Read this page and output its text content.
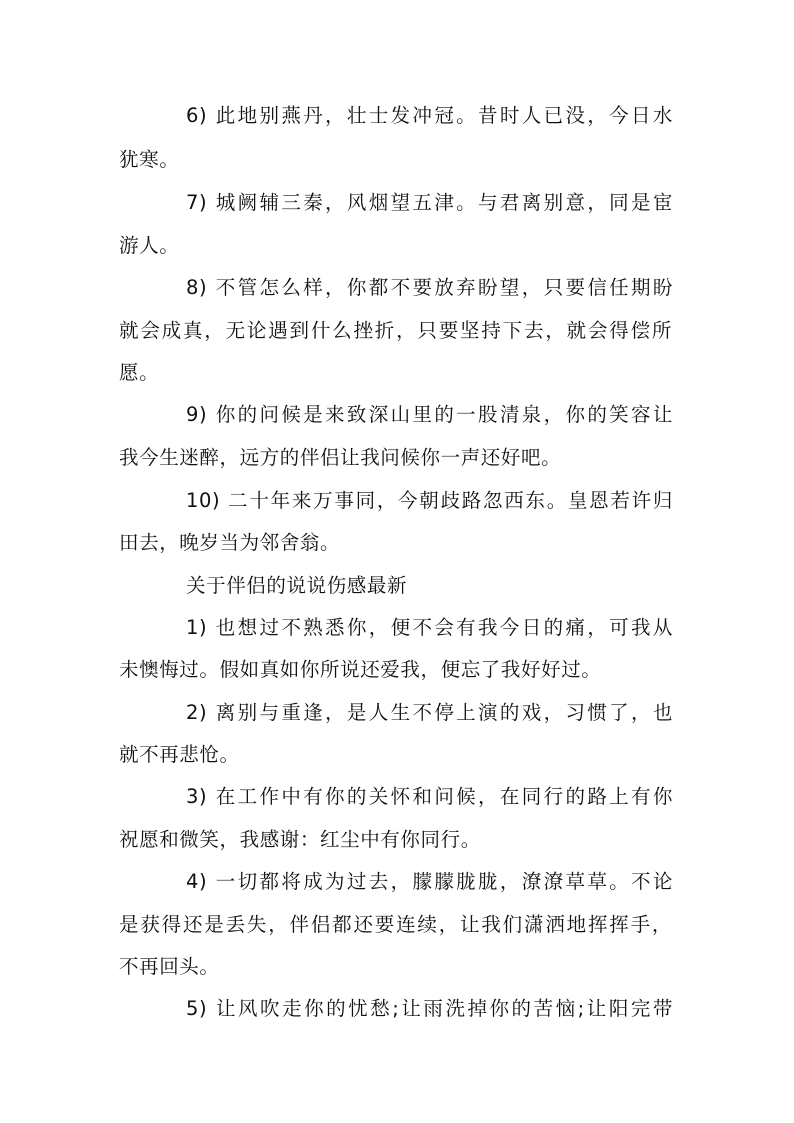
6) 此地别燕丹，壮士发冲冠。昔时人已没，今日水
犹寒。
7) 城阙辅三秦，风烟望五津。与君离别意，同是宦
游人。
8) 不管怎么样，你都不要放弃盼望，只要信任期盼
就会成真，无论遇到什么挫折，只要坚持下去，就会得偿所
愿。
9) 你的问候是来致深山里的一股清泉，你的笑容让
我今生迷醉，远方的伴侣让我问候你一声还好吧。
10) 二十年来万事同，今朝歧路忽西东。皇恩若许归
田去，晚岁当为邻舍翁。
关于伴侣的说说伤感最新
1) 也想过不熟悉你，便不会有我今日的痛，可我从
未懊悔过。假如真如你所说还爱我，便忘了我好好过。
2) 离别与重逢，是人生不停上演的戏，习惯了，也
就不再悲怆。
3) 在工作中有你的关怀和问候，在同行的路上有你
祝愿和微笑，我感谢：红尘中有你同行。
4) 一切都将成为过去，朦朦胧胧，潦潦草草。不论
是获得还是丢失，伴侣都还要连续，让我们潇洒地挥挥手，
不再回头。
5) 让风吹走你的忧愁;让雨洗掉你的苦恼;让阳完带
